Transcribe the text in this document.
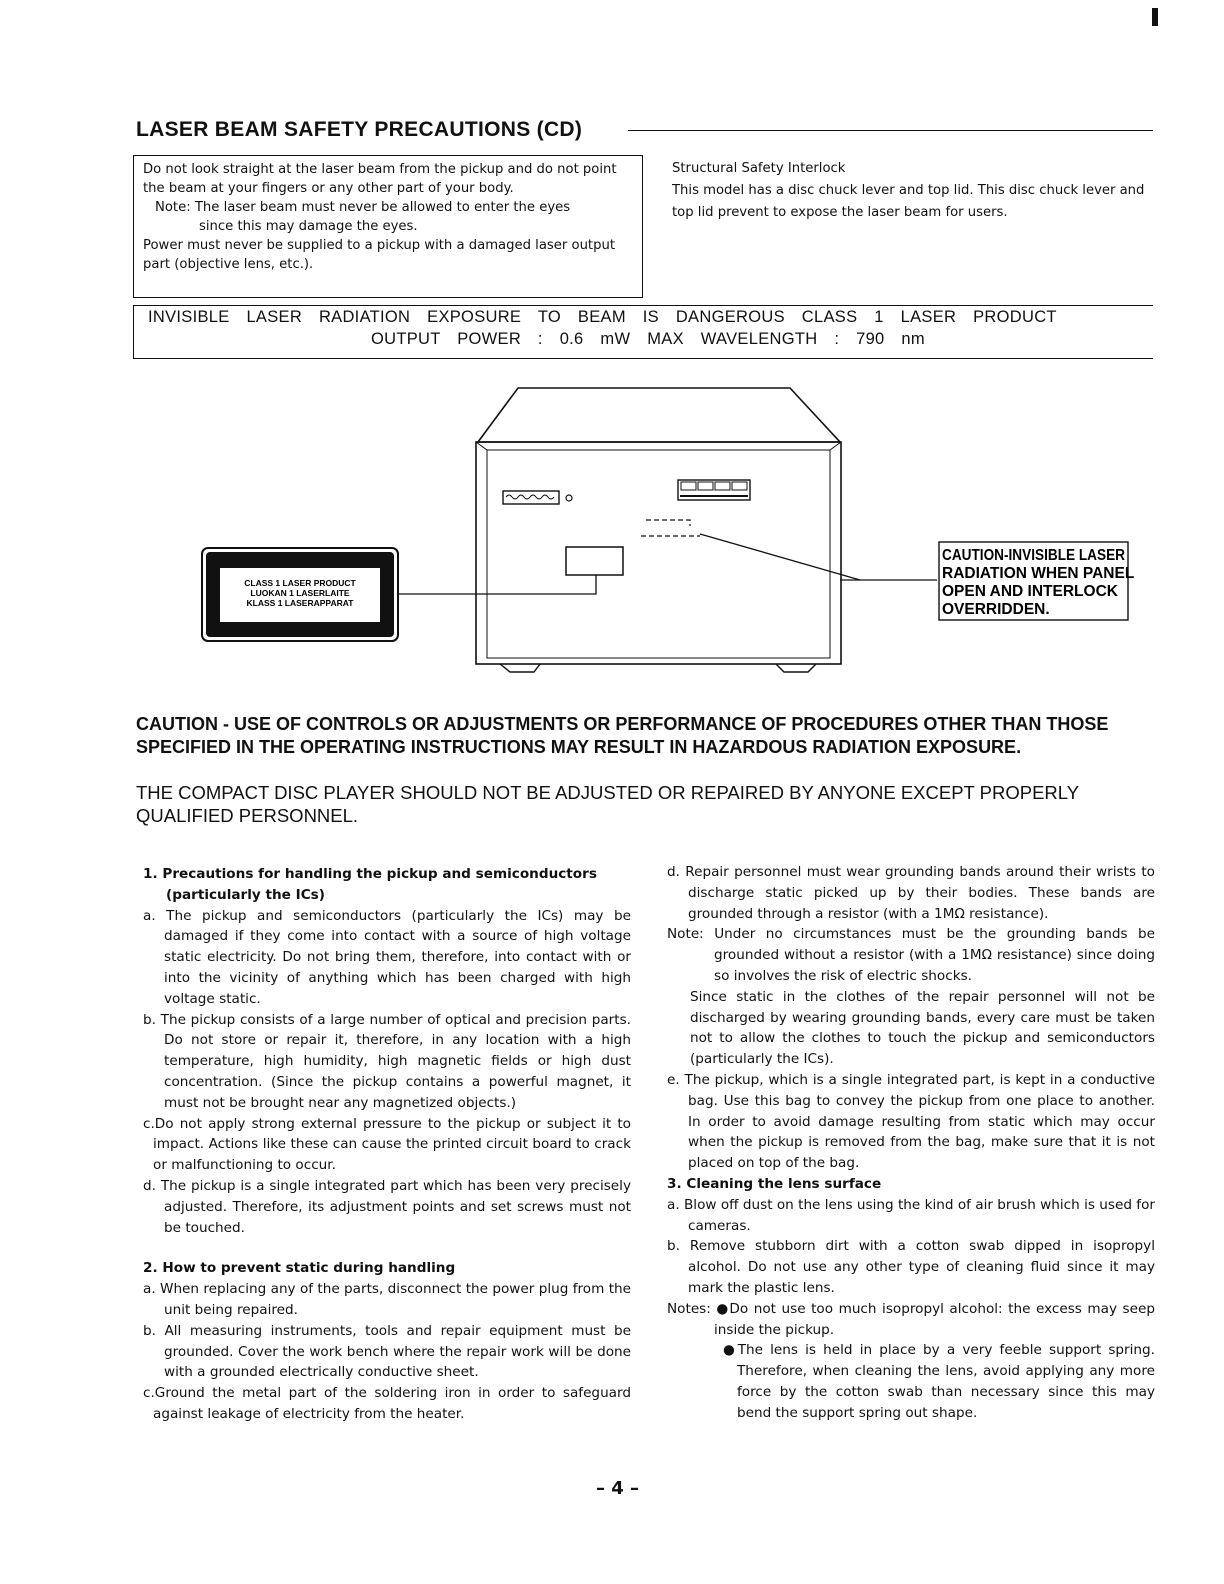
LASER BEAM SAFETY PRECAUTIONS (CD)
Do not look straight at the laser beam from the pickup and do not point the beam at your fingers or any other part of your body.
Note: The laser beam must never be allowed to enter the eyes
since this may damage the eyes.
Power must never be supplied to a pickup with a damaged laser output part (objective lens, etc.).
Structural Safety Interlock
This model has a disc chuck lever and top lid. This disc chuck lever and top lid prevent to expose the laser beam for users.
INVISIBLE LASER RADIATION EXPOSURE TO BEAM IS DANGEROUS CLASS 1 LASER PRODUCT
OUTPUT POWER : 0.6 mW MAX WAVELENGTH : 790 nm
CLASS 1 LASER PRODUCT
LUOKAN 1 LASERLAITE
KLASS 1 LASERAPPARAT
CAUTION-INVISIBLE LASER
RADIATION WHEN PANEL
OPEN AND INTERLOCK
OVERRIDDEN.
CAUTION - USE OF CONTROLS OR ADJUSTMENTS OR PERFORMANCE OF PROCEDURES OTHER THAN THOSE SPECIFIED IN THE OPERATING INSTRUCTIONS MAY RESULT IN HAZARDOUS RADIATION EXPOSURE.
THE COMPACT DISC PLAYER SHOULD NOT BE ADJUSTED OR REPAIRED BY ANYONE EXCEPT PROPERLY QUALIFIED PERSONNEL.

1. Precautions for handling the pickup and semiconductors

(particularly the ICs)

a. The pickup and semiconductors (particularly the ICs) may be damaged if they come into contact with a source of high voltage static electricity. Do not bring them, therefore, into contact with or into the vicinity of anything which has been charged with high voltage static.

b. The pickup consists of a large number of optical and precision parts. Do not store or repair it, therefore, in any location with a high temperature, high humidity, high magnetic fields or high dust concentration. (Since the pickup contains a powerful magnet, it must not be brought near any magnetized objects.)

c.Do not apply strong external pressure to the pickup or subject it to impact. Actions like these can cause the printed circuit board to crack or malfunctioning to occur.

d. The pickup is a single integrated part which has been very precisely adjusted. Therefore, its adjustment points and set screws must not be touched.

2. How to prevent static during handling

a. When replacing any of the parts, disconnect the power plug from the unit being repaired.

b. All measuring instruments, tools and repair equipment must be grounded. Cover the work bench where the repair work will be done with a grounded electrically conductive sheet.

c.Ground the metal part of the soldering iron in order to safeguard against leakage of electricity from the heater.

d. Repair personnel must wear grounding bands around their wrists to discharge static picked up by their bodies. These bands are grounded through a resistor (with a 1MΩ resistance).

Note: Under no circumstances must be the grounding bands be grounded without a resistor (with a 1MΩ resistance) since doing so involves the risk of electric shocks.

Since static in the clothes of the repair personnel will not be discharged by wearing grounding bands, every care must be taken not to allow the clothes to touch the pickup and semiconductors (particularly the ICs).

e. The pickup, which is a single integrated part, is kept in a conductive bag. Use this bag to convey the pickup from one place to another. In order to avoid damage resulting from static which may occur when the pickup is removed from the bag, make sure that it is not placed on top of the bag.

3. Cleaning the lens surface

a. Blow off dust on the lens using the kind of air brush which is used for cameras.

b. Remove stubborn dirt with a cotton swab dipped in isopropyl alcohol. Do not use any other type of cleaning fluid since it may mark the plastic lens.

Notes: ●Do not use too much isopropyl alcohol: the excess may seep inside the pickup.

●The lens is held in place by a very feeble support spring. Therefore, when cleaning the lens, avoid applying any more force by the cotton swab than necessary since this may bend the support spring out shape.

– 4 –
